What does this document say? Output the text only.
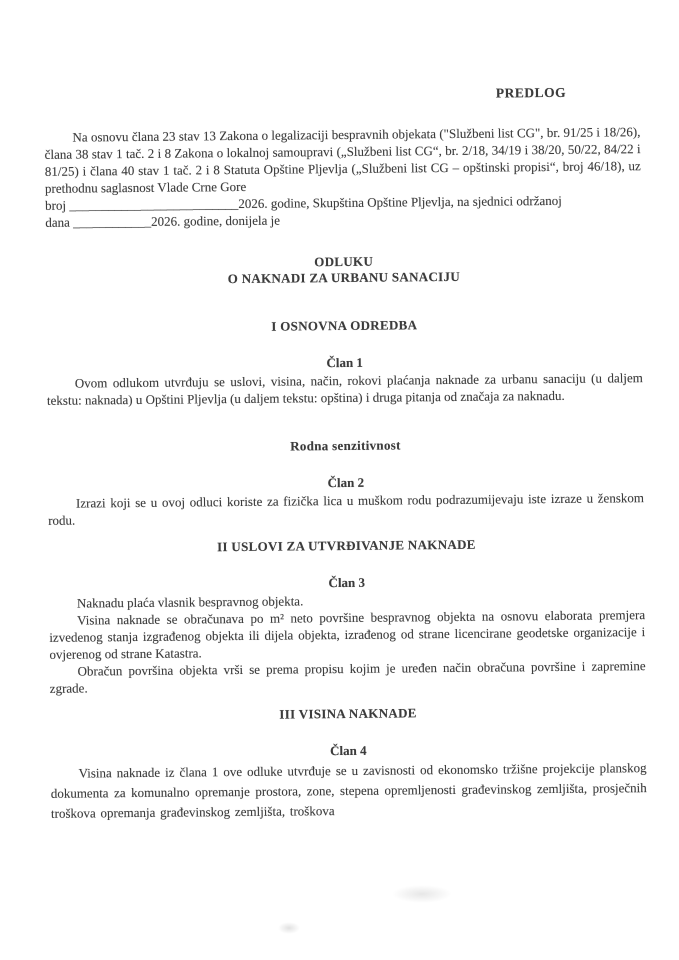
PREDLOG

Na osnovu člana 23 stav 13 Zakona o legalizaciji bespravnih objekata ("Službeni list CG", br. 91/25 i 18/26), člana 38 stav 1 tač. 2 i 8 Zakona o lokalnoj samoupravi („Službeni list CG“, br. 2/18, 34/19 i 38/20, 50/22, 84/22 i 81/25) i člana 40 stav 1 tač. 2 i 8 Statuta Opštine Pljevlja („Službeni list CG – opštinski propisi“, broj 46/18), uz prethodnu saglasnost Vlade Crne Gore

broj __________________________2026. godine, Skupština Opštine Pljevlja, na sjednici održanoj

dana ____________2026. godine, donijela je

ODLUKU
O NAKNADI ZA URBANU SANACIJU
I OSNOVNA ODREDBA
Član 1

Ovom odlukom utvrđuju se uslovi, visina, način, rokovi plaćanja naknade za urbanu sanaciju (u daljem tekstu: naknada) u Opštini Pljevlja (u daljem tekstu: opština) i druga pitanja od značaja za naknadu.

Rodna senzitivnost
Član 2

Izrazi koji se u ovoj odluci koriste za fizička lica u muškom rodu podrazumijevaju iste izraze u ženskom rodu.

II USLOVI ZA UTVRĐIVANJE NAKNADE
Član 3

Naknadu plaća vlasnik bespravnog objekta.

Visina naknade se obračunava po m² neto površine bespravnog objekta na osnovu elaborata premjera izvedenog stanja izgrađenog objekta ili dijela objekta, izrađenog od strane licencirane geodetske organizacije i ovjerenog od strane Katastra.

Obračun površina objekta vrši se prema propisu kojim je uređen način obračuna površine i zapremine zgrade.

III VISINA NAKNADE
Član 4

Visina naknade iz člana 1 ove odluke utvrđuje se u zavisnosti od ekonomsko tržišne projekcije planskog dokumenta za komunalno opremanje prostora, zone, stepena opremljenosti građevinskog zemljišta, prosječnih troškova opremanja građevinskog zemljišta, troškova
